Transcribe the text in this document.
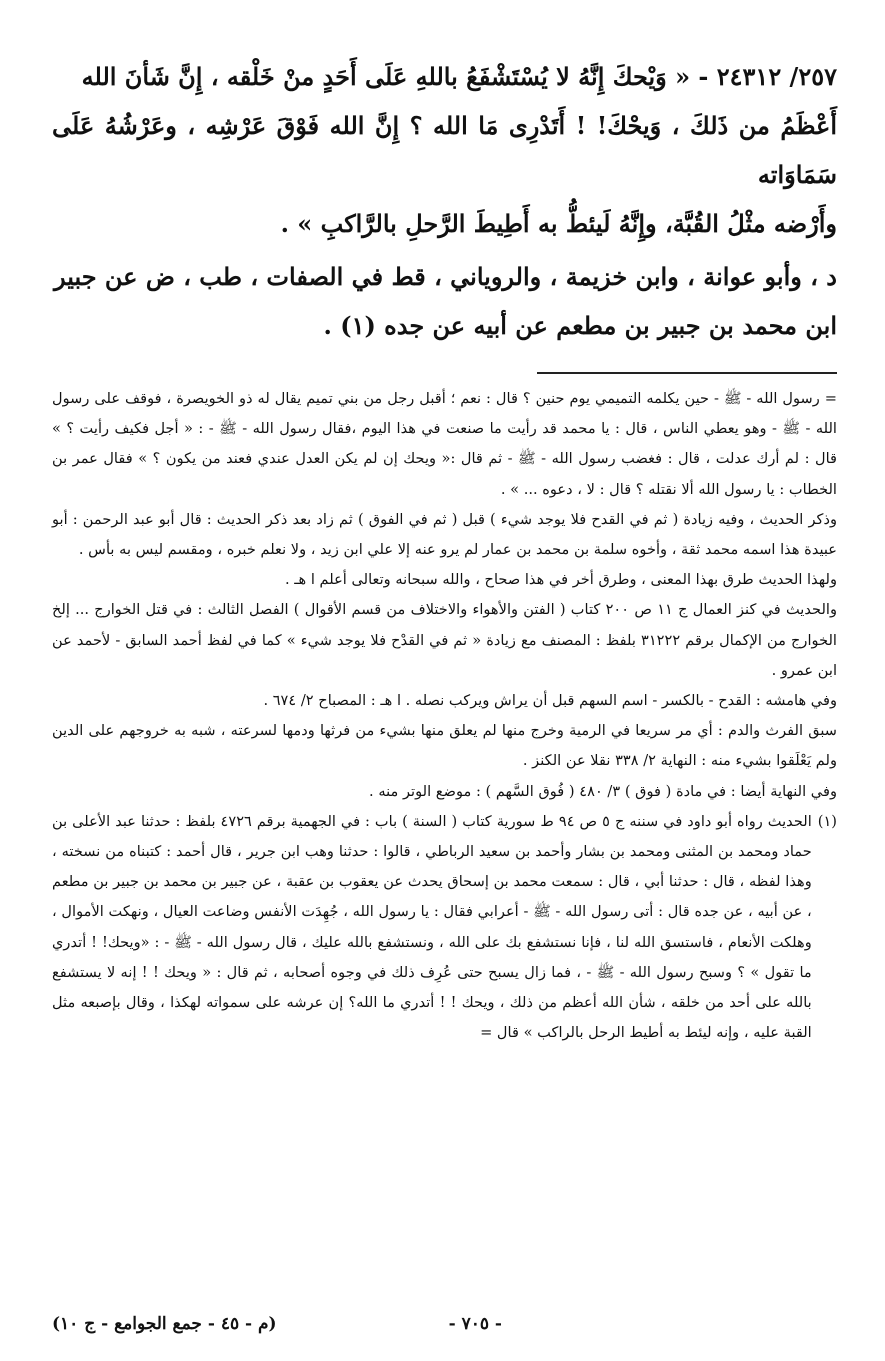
٢٥٧/ ٢٤٣١٢ - « وَيْحكَ إِنَّهُ لا يُسْتَشْفَعُ باللهِ عَلَى أَحَدٍ منْ خَلْقه ، إِنَّ شَأنَ الله

أَعْظَمُ من ذَلكَ ، وَيحْكَ! ! أَتَدْرِى مَا الله ؟ إِنَّ الله فَوْقَ عَرْشِه ، وعَرْشُهُ عَلَى سَمَاوَاته

وأَرْضه مثْلُ القُبَّة، وإِنَّهُ لَيئطُّ به أَطِيطَ الرَّحلِ بالرَّاكبِ » .

د ، وأبو عوانة ، وابن خزيمة ، والروياني ، قط في الصفات ، طب ، ض عن جبير

ابن محمد بن جبير بن مطعم عن أبيه عن جده (١) .

= رسول الله - ﷺ - حين يكلمه التميمي يوم حنين ؟ قال : نعم ؛ أقبل رجل من بني تميم يقال له ذو الخويصرة ، فوقف على رسول الله - ﷺ - وهو يعطي الناس ، قال : يا محمد قد رأيت ما صنعت في هذا اليوم ،فقال رسول الله - ﷺ - : « أجل فكيف رأيت ؟ » قال : لم أرك عدلت ، قال : فغضب رسول الله - ﷺ - ثم قال :« ويحك إن لم يكن العدل عندي فعند من يكون ؟ » فقال عمر بن الخطاب : يا رسول الله ألا نقتله ؟ قال : لا ، دعوه ... » .

وذكر الحديث ، وفيه زيادة ( ثم في القدح فلا يوجد شيء ) قبل ( ثم في الفوق ) ثم زاد بعد ذكر الحديث : قال أبو عبد الرحمن : أبو عبيدة هذا اسمه محمد ثقة ، وأخوه سلمة بن محمد بن عمار لم يرو عنه إلا علي ابن زيد ، ولا نعلم خبره ، ومقسم ليس به بأس .

ولهذا الحديث طرق بهذا المعنى ، وطرق أخر في هذا صحاح ، والله سبحانه وتعالى أعلم ا هـ .

والحديث في كنز العمال ج ١١ ص ٢٠٠ كتاب ( الفتن والأهواء والاختلاف من قسم الأقوال ) الفصل الثالث : في قتل الخوارج ... إلخ الخوارج من الإكمال برقم ٣١٢٢٢ بلفظ : المصنف مع زيادة « ثم في القدْح فلا يوجد شيء » كما في لفظ أحمد السابق - لأحمد عن ابن عمرو .

وفي هامشه : القدح - بالكسر - اسم السهم قبل أن يراش ويركب نصله . ا هـ : المصباح ٢/ ٦٧٤ .

سبق الفرث والدم : أي مر سريعا في الرمية وخرج منها لم يعلق منها بشيء من فرثها ودمها لسرعته ، شبه به خروجهم على الدين ولم يَعْلَقوا بشيء منه : النهاية ٢/ ٣٣٨ نقلا عن الكنز .

وفي النهاية أيضا : في مادة ( فوق ) ٣/ ٤٨٠ ( فُوق السَّهم ) : موضع الوتر منه .

(١)

الحديث رواه أبو داود في سننه ج ٥ ص ٩٤ ط سورية كتاب ( السنة ) باب : في الجهمية برقم ٤٧٢٦ بلفظ : حدثنا عبد الأعلى بن حماد ومحمد بن المثنى ومحمد بن بشار وأحمد بن سعيد الرباطي ، قالوا : حدثنا وهب ابن جرير ، قال أحمد : كتبناه من نسخته ، وهذا لفظه ، قال : حدثنا أبي ، قال : سمعت محمد بن إسحاق يحدث عن يعقوب بن عقبة ، عن جبير بن محمد بن جبير بن مطعم ، عن أبيه ، عن جده قال : أتى رسول الله - ﷺ - أعرابي فقال : يا رسول الله ، جُهِدَت الأنفس وضاعت العيال ، ونهكت الأموال ، وهلكت الأنعام ، فاستسق الله لنا ، فإنا نستشفع بك على الله ، ونستشفع بالله عليك ، قال رسول الله - ﷺ - : «ويحك! ! أتدري ما تقول » ؟ وسبح رسول الله - ﷺ - ، فما زال يسبح حتى عُرِف ذلك في وجوه أصحابه ، ثم قال : « ويحك ! ! إنه لا يستشفع بالله على أحد من خلقه ، شأن الله أعظم من ذلك ، ويحك ! ! أتدري ما الله؟ إن عرشه على سمواته لهكذا ، وقال بإصبعه مثل القبة عليه ، وإنه ليئط به أطيط الرحل بالراكب » قال =

- ٧٠٥ -
(م - ٤٥ - جمع الجوامع - ج ١٠)
